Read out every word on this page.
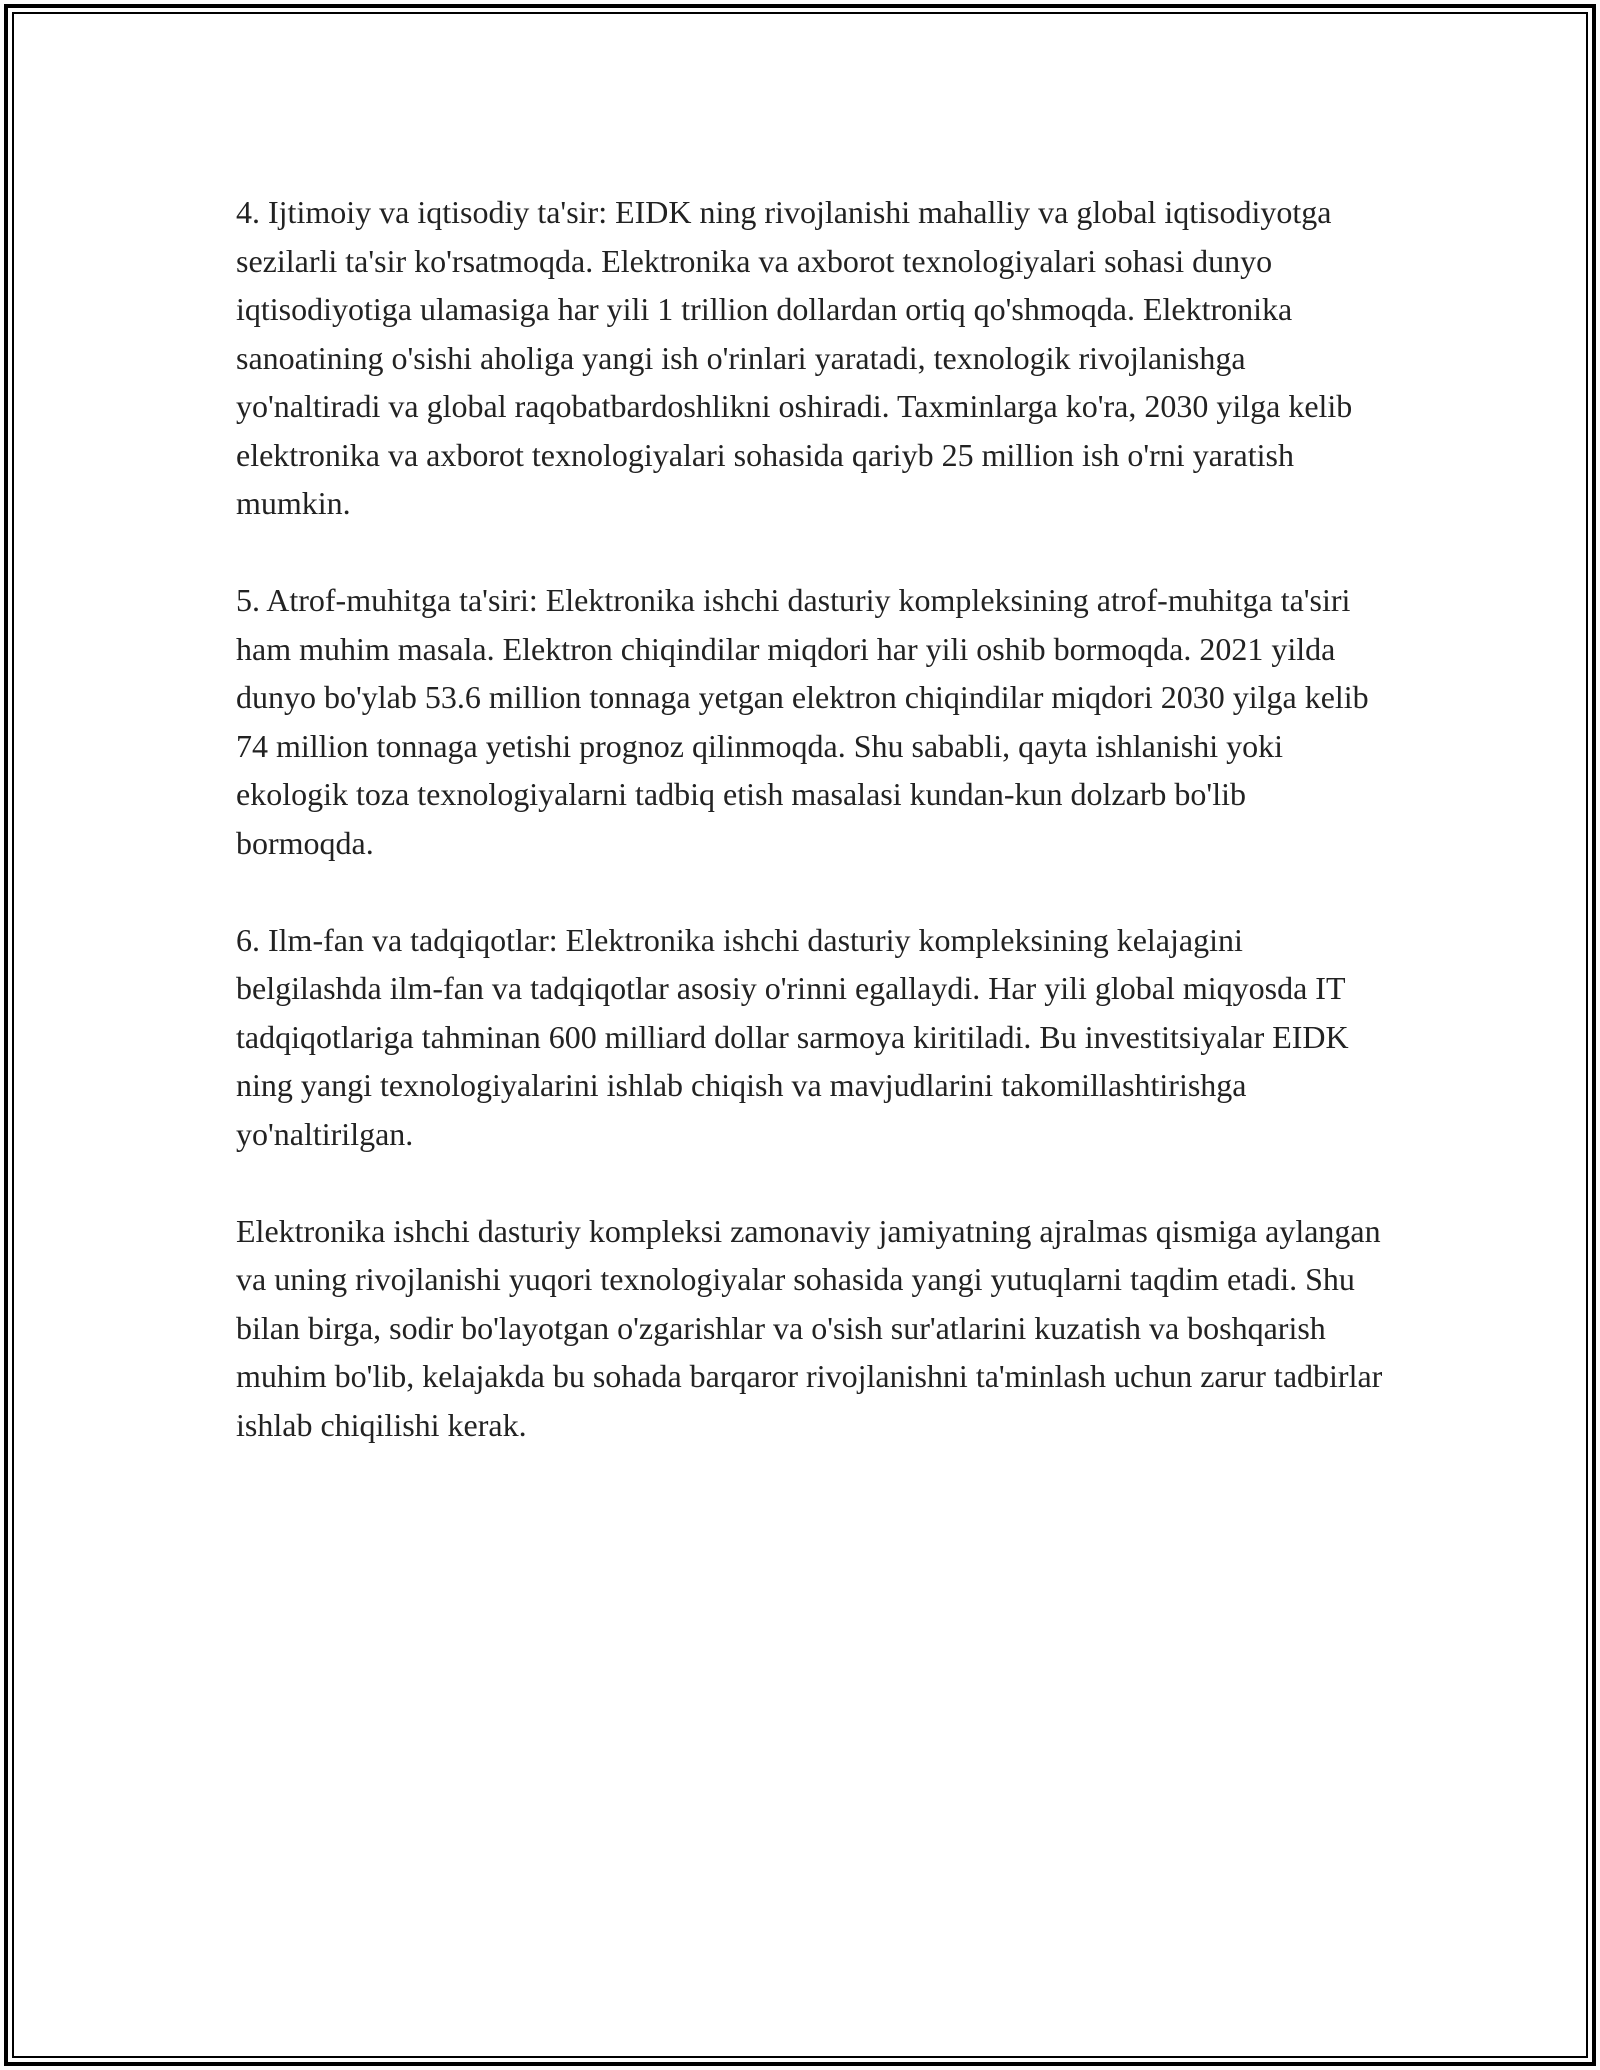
4. Ijtimoiy va iqtisodiy ta'sir: EIDK ning rivojlanishi mahalliy va global iqtisodiyotga sezilarli ta'sir ko'rsatmoqda. Elektronika va axborot texnologiyalari sohasi dunyo iqtisodiyotiga ulamasiga har yili 1 trillion dollardan ortiq qo'shmoqda. Elektronika sanoatining o'sishi aholiga yangi ish o'rinlari yaratadi, texnologik rivojlanishga yo'naltiradi va global raqobatbardoshlikni oshiradi. Taxminlarga ko'ra, 2030 yilga kelib elektronika va axborot texnologiyalari sohasida qariyb 25 million ish o'rni yaratish mumkin.

5. Atrof-muhitga ta'siri: Elektronika ishchi dasturiy kompleksining atrof-muhitga ta'siri ham muhim masala. Elektron chiqindilar miqdori har yili oshib bormoqda. 2021 yilda dunyo bo'ylab 53.6 million tonnaga yetgan elektron chiqindilar miqdori 2030 yilga kelib 74 million tonnaga yetishi prognoz qilinmoqda. Shu sababli, qayta ishlanishi yoki ekologik toza texnologiyalarni tadbiq etish masalasi kundan-kun dolzarb bo'lib bormoqda.

6. Ilm-fan va tadqiqotlar: Elektronika ishchi dasturiy kompleksining kelajagini belgilashda ilm-fan va tadqiqotlar asosiy o'rinni egallaydi. Har yili global miqyosda IT tadqiqotlariga tahminan 600 milliard dollar sarmoya kiritiladi. Bu investitsiyalar EIDK ning yangi texnologiyalarini ishlab chiqish va mavjudlarini takomillashtirishga yo'naltirilgan.

Elektronika ishchi dasturiy kompleksi zamonaviy jamiyatning ajralmas qismiga aylangan va uning rivojlanishi yuqori texnologiyalar sohasida yangi yutuqlarni taqdim etadi. Shu bilan birga, sodir bo'layotgan o'zgarishlar va o'sish sur'atlarini kuzatish va boshqarish muhim bo'lib, kelajakda bu sohada barqaror rivojlanishni ta'minlash uchun zarur tadbirlar ishlab chiqilishi kerak.
